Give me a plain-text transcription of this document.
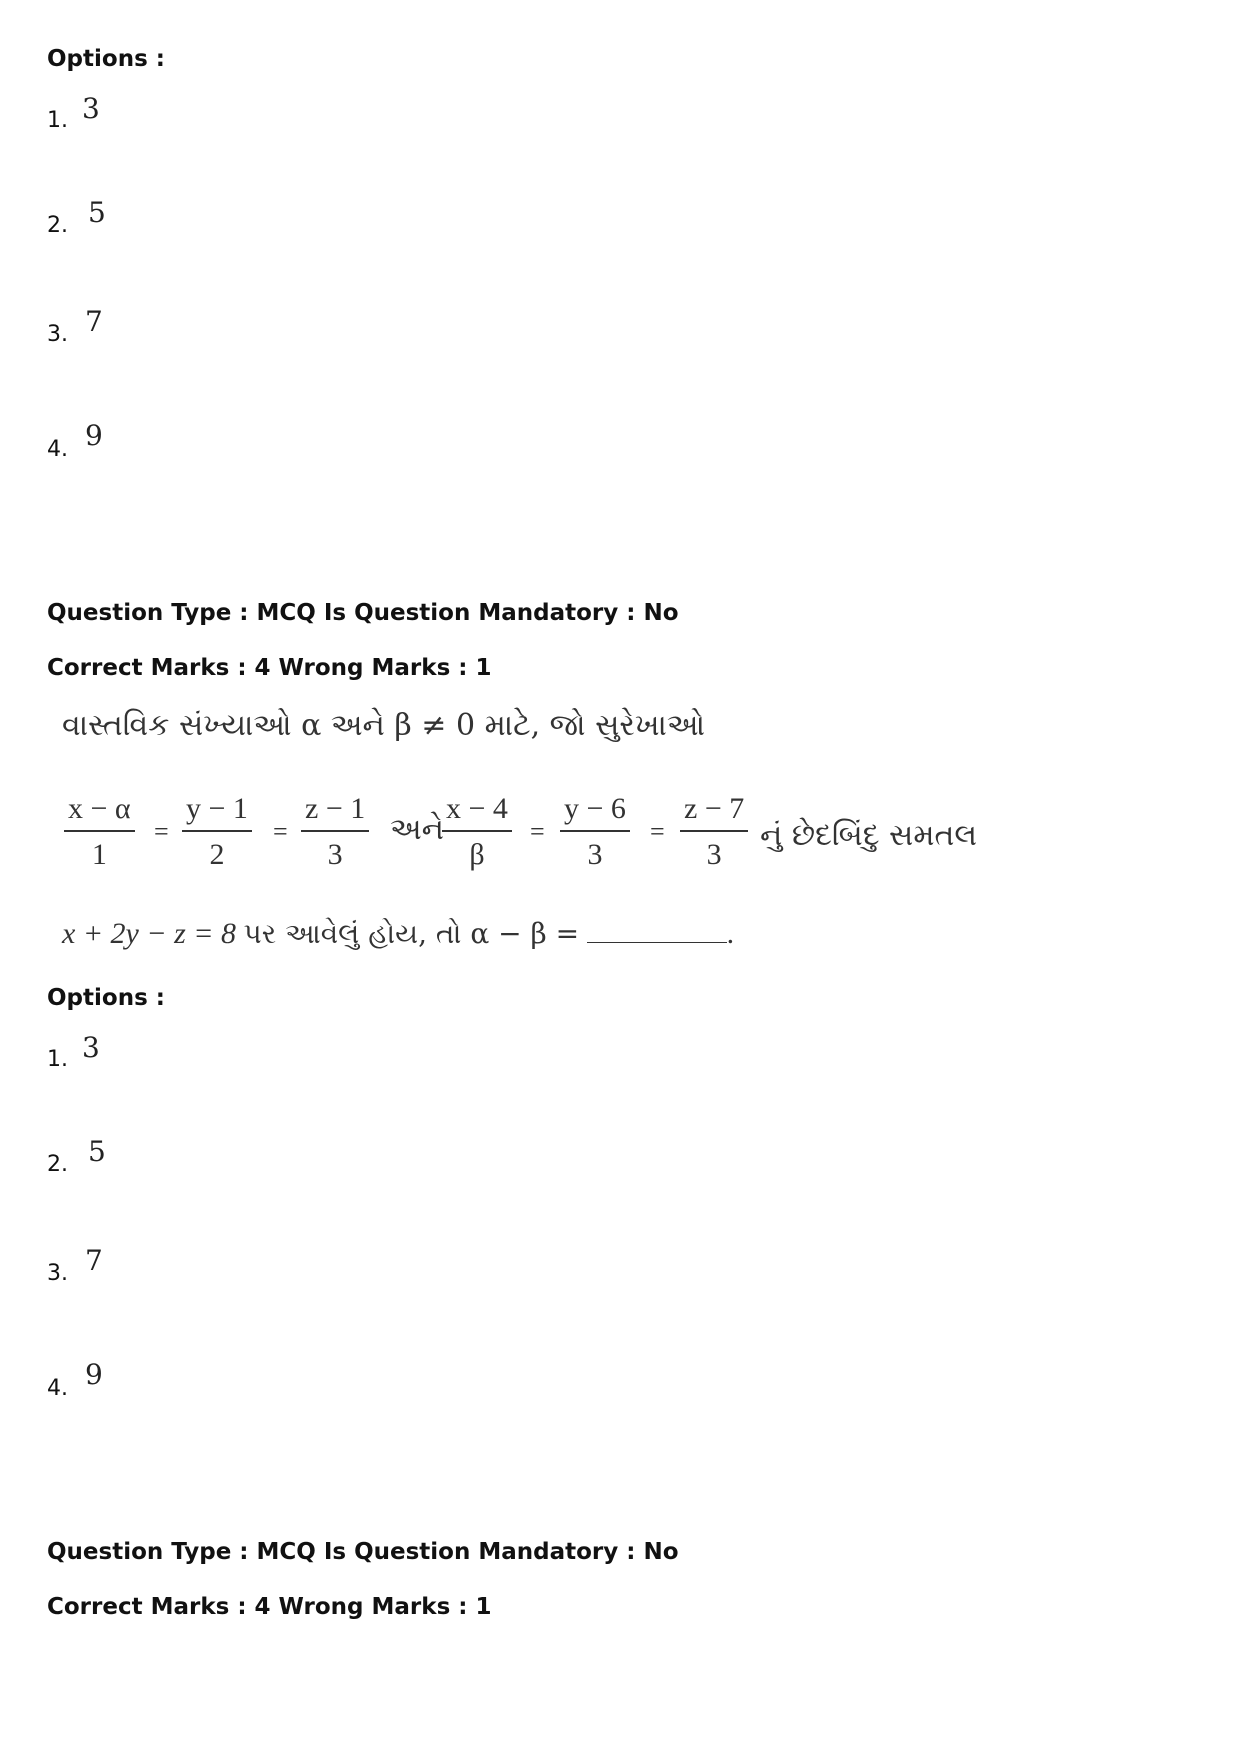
Options :
1. 3
2. 5
3. 7
4. 9
Question Type : MCQ Is Question Mandatory : No
Correct Marks : 4 Wrong Marks : 1
વાસ્તવિક સંખ્યાઓ α અને β ≠ 0 માટે, જો સુરેખાઓ
$\frac{x - \alpha}{1} = \frac{y - 1}{2} = \frac{z - 1}{3}$ અને
$\frac{x - 4}{\beta} = \frac{y - 6}{3} = \frac{z - 7}{3}$ નું છેદબિંદુ સમતલ
x + 2y − z = 8 પર આવેલું હોય, તો α − β =	.
Options :
1. 3
2. 5
3. 7
4. 9
Question Type : MCQ Is Question Mandatory : No
Correct Marks : 4 Wrong Marks : 1
